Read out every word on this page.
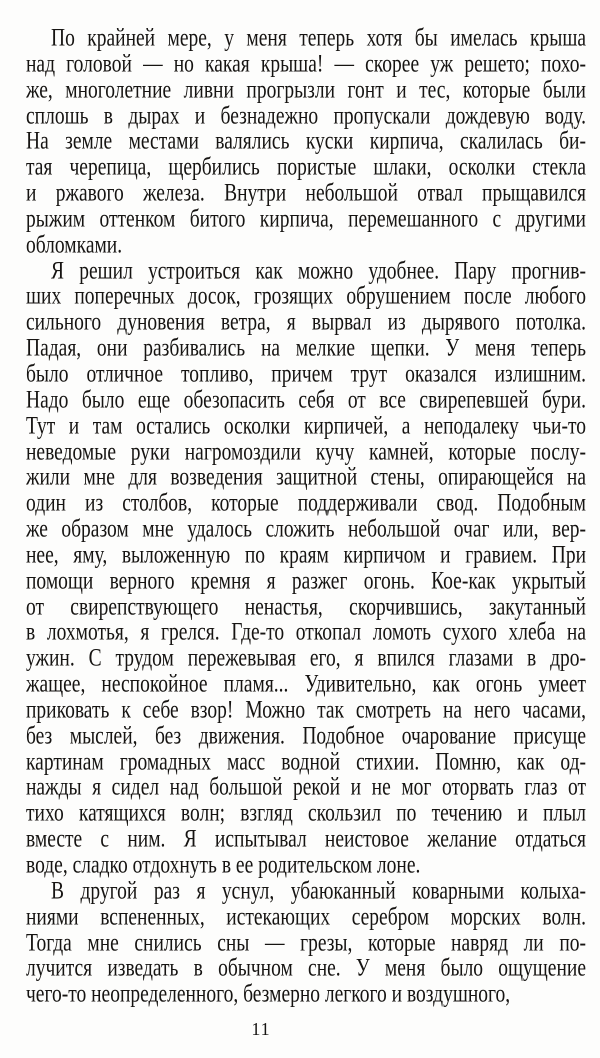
По крайней мере, у меня теперь хотя бы имелась крыша
над головой — но какая крыша! — скорее уж решето; похо-
же, многолетние ливни прогрызли гонт и тес, которые были
сплошь в дырах и безнадежно пропускали дождевую воду.
На земле местами валялись куски кирпича, скалилась би-
тая черепица, щербились пористые шлаки, осколки стекла
и ржавого железа. Внутри небольшой отвал прыщавился
рыжим оттенком битого кирпича, перемешанного с другими
обломками.
Я решил устроиться как можно удобнее. Пару прогнив-
ших поперечных досок, грозящих обрушением после любого
сильного дуновения ветра, я вырвал из дырявого потолка.
Падая, они разбивались на мелкие щепки. У меня теперь
было отличное топливо, причем трут оказался излишним.
Надо было еще обезопасить себя от все свирепевшей бури.
Тут и там остались осколки кирпичей, а неподалеку чьи-то
неведомые руки нагромоздили кучу камней, которые послу-
жили мне для возведения защитной стены, опирающейся на
один из столбов, которые поддерживали свод. Подобным
же образом мне удалось сложить небольшой очаг или, вер-
нее, яму, выложенную по краям кирпичом и гравием. При
помощи верного кремня я разжег огонь. Кое-как укрытый
от свирепствующего ненастья, скорчившись, закутанный
в лохмотья, я грелся. Где-то откопал ломоть сухого хлеба на
ужин. С трудом пережевывая его, я впился глазами в дро-
жащее, неспокойное пламя... Удивительно, как огонь умеет
приковать к себе взор! Можно так смотреть на него часами,
без мыслей, без движения. Подобное очарование присуще
картинам громадных масс водной стихии. Помню, как од-
нажды я сидел над большой рекой и не мог оторвать глаз от
тихо катящихся волн; взгляд скользил по течению и плыл
вместе с ним. Я испытывал неистовое желание отдаться
воде, сладко отдохнуть в ее родительском лоне.
В другой раз я уснул, убаюканный коварными колыха-
ниями вспененных, истекающих серебром морских волн.
Тогда мне снились сны — грезы, которые навряд ли по-
лучится изведать в обычном сне. У меня было ощущение
чего-то неопределенного, безмерно легкого и воздушного,
11
